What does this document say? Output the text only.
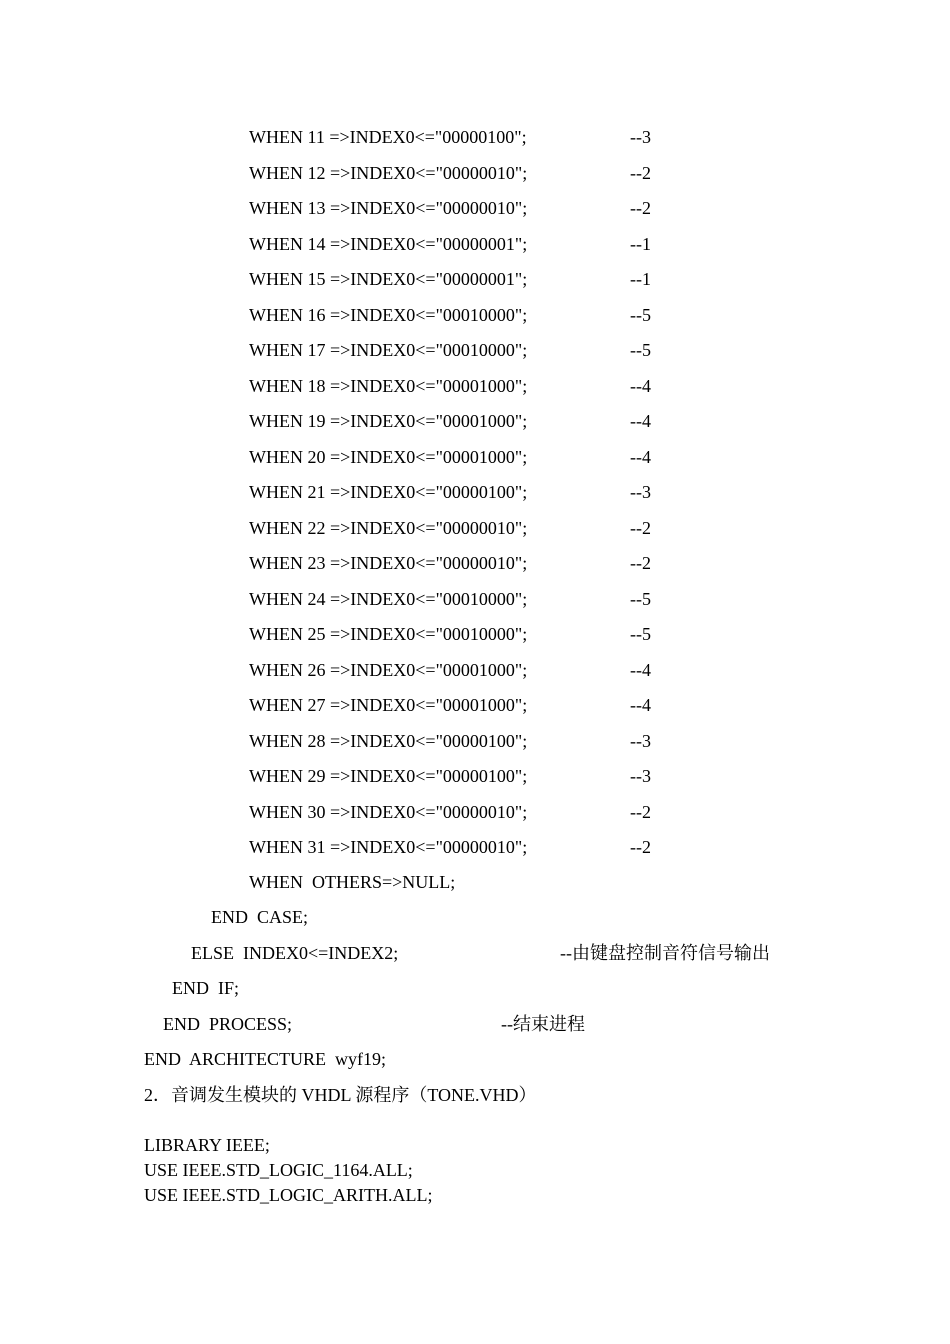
WHEN 11 =>INDEX0<="00000100";	--3
WHEN 12 =>INDEX0<="00000010";	--2
WHEN 13 =>INDEX0<="00000010";	--2
WHEN 14 =>INDEX0<="00000001";	--1
WHEN 15 =>INDEX0<="00000001";	--1
WHEN 16 =>INDEX0<="00010000";	--5
WHEN 17 =>INDEX0<="00010000";	--5
WHEN 18 =>INDEX0<="00001000";	--4
WHEN 19 =>INDEX0<="00001000";	--4
WHEN 20 =>INDEX0<="00001000";	--4
WHEN 21 =>INDEX0<="00000100";	--3
WHEN 22 =>INDEX0<="00000010";	--2
WHEN 23 =>INDEX0<="00000010";	--2
WHEN 24 =>INDEX0<="00010000";	--5
WHEN 25 =>INDEX0<="00010000";	--5
WHEN 26 =>INDEX0<="00001000";	--4
WHEN 27 =>INDEX0<="00001000";	--4
WHEN 28 =>INDEX0<="00000100";	--3
WHEN 29 =>INDEX0<="00000100";	--3
WHEN 30 =>INDEX0<="00000010";	--2
WHEN 31 =>INDEX0<="00000010";	--2
WHEN  OTHERS=>NULL;
END  CASE;
ELSE  INDEX0<=INDEX2;	--由键盘控制音符信号输出
END  IF;
END  PROCESS;	--结束进程
END  ARCHITECTURE  wyf19;
2．音调发生模块的 VHDL 源程序（TONE.VHD）
LIBRARY IEEE;
USE IEEE.STD_LOGIC_1164.ALL;
USE IEEE.STD_LOGIC_ARITH.ALL;
